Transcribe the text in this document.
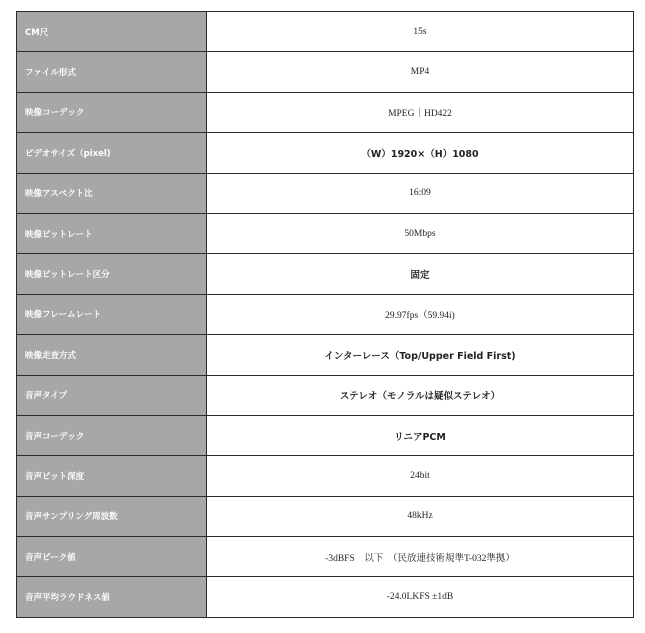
CM尺	15s
ファイル形式	MP4
映像コーデック	MPEG｜HD422
ビデオサイズ（pixel)	（W）1920×（H）1080
映像アスペクト比	16:09
映像ビットレート	50Mbps
映像ビットレート区分	固定
映像フレームレート	29.97fps（59.94i)
映像走査方式	インターレース（Top/Upper Field First)
音声タイプ	ステレオ（モノラルは疑似ステレオ）
音声コーデック	リニアPCM
音声ビット深度	24bit
音声サンプリング周波数	48kHz
音声ピーク値	-3dBFS　以下　（民放連技術規準T-032準拠）
音声平均ラウドネス値	-24.0LKFS ±1dB
